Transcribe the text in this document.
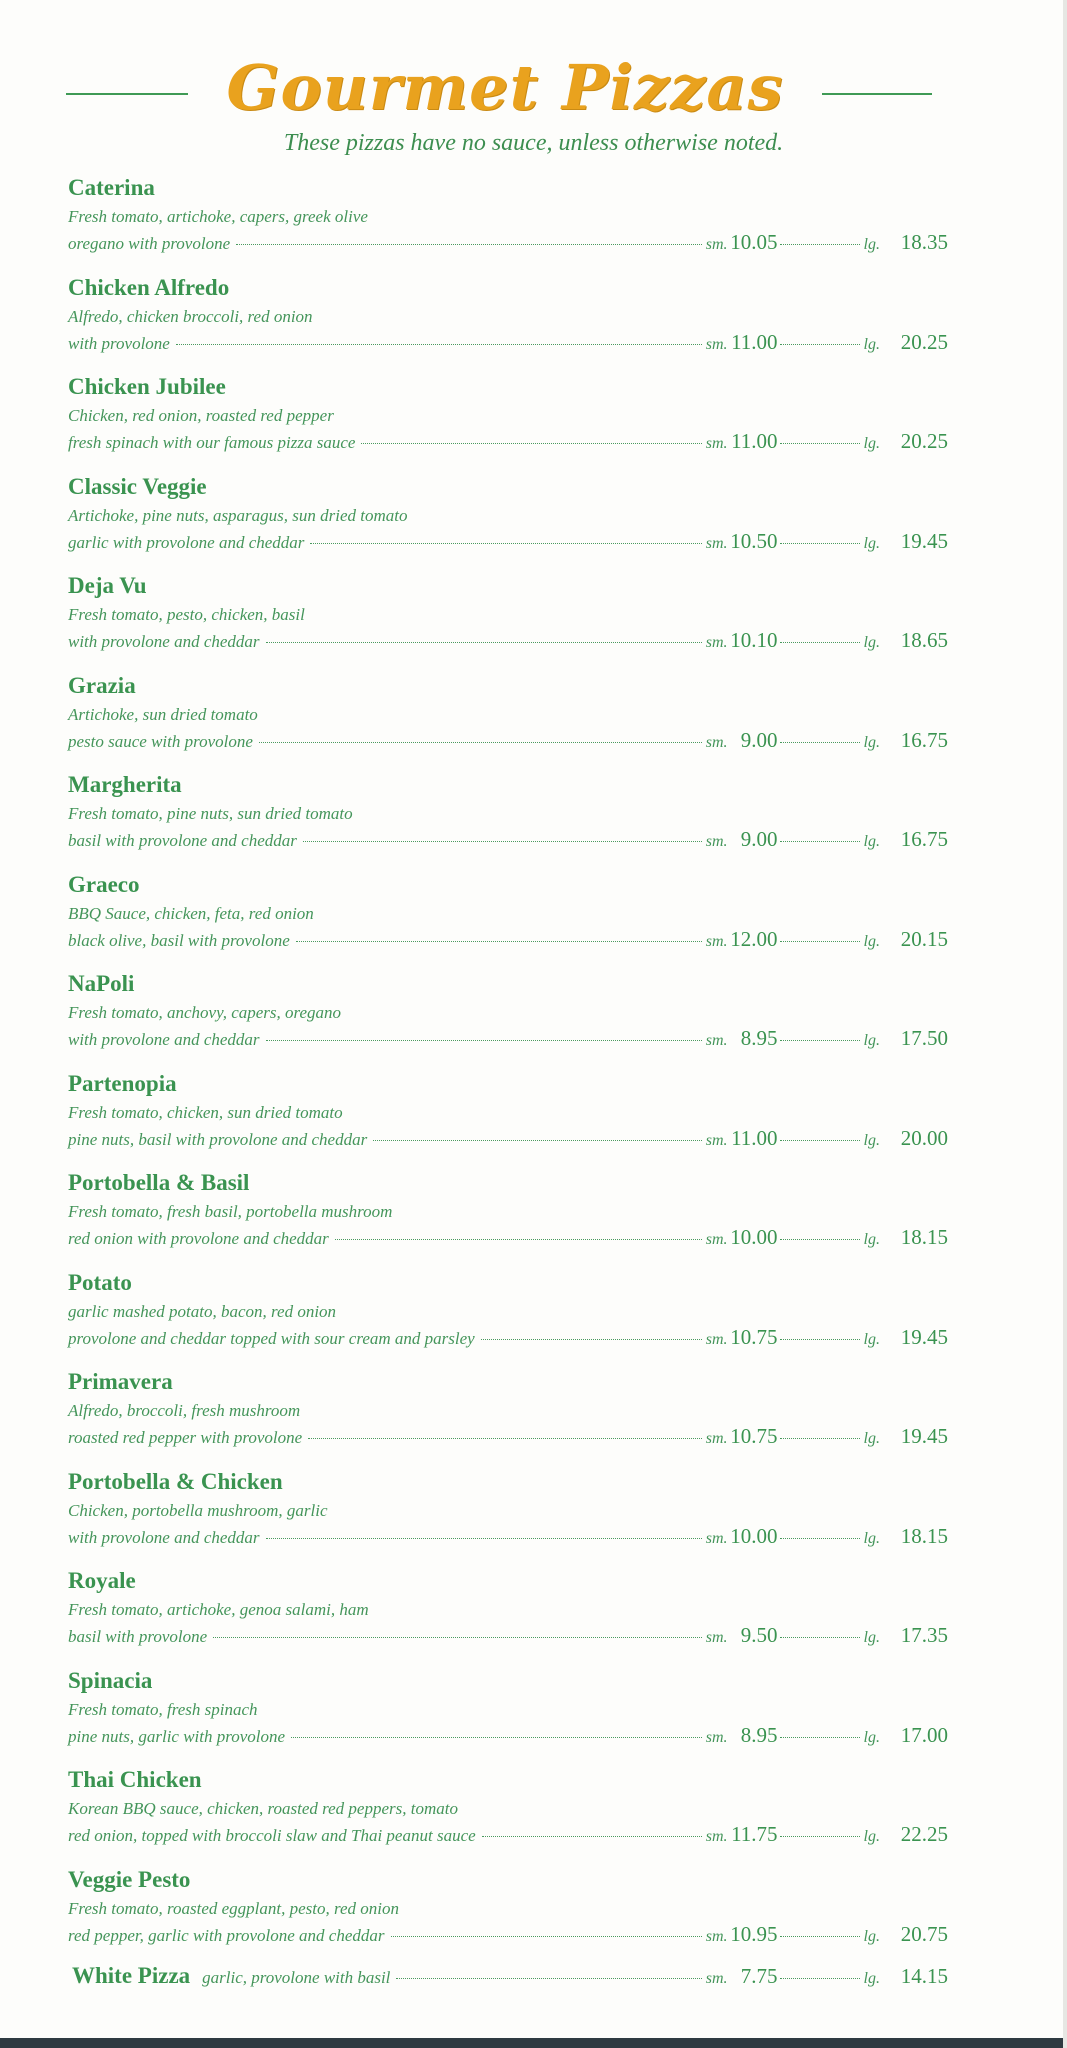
Gourmet Pizzas
These pizzas have no sauce, unless otherwise noted.
Caterina
Fresh tomato, artichoke, capers, greek olive
oregano with provolone	sm. 10.05	lg. 18.35
Chicken Alfredo
Alfredo, chicken broccoli, red onion
with provolone	sm. 11.00	lg. 20.25
Chicken Jubilee
Chicken, red onion, roasted red pepper
fresh spinach with our famous pizza sauce	sm. 11.00	lg. 20.25
Classic Veggie
Artichoke, pine nuts, asparagus, sun dried tomato
garlic with provolone and cheddar	sm. 10.50	lg. 19.45
Deja Vu
Fresh tomato, pesto, chicken, basil
with provolone and cheddar	sm. 10.10	lg. 18.65
Grazia
Artichoke, sun dried tomato
pesto sauce with provolone	sm. 9.00	lg. 16.75
Margherita
Fresh tomato, pine nuts, sun dried tomato
basil with provolone and cheddar	sm. 9.00	lg. 16.75
Graeco
BBQ Sauce, chicken, feta, red onion
black olive, basil with provolone	sm. 12.00	lg. 20.15
NaPoli
Fresh tomato, anchovy, capers, oregano
with provolone and cheddar	sm. 8.95	lg. 17.50
Partenopia
Fresh tomato, chicken, sun dried tomato
pine nuts, basil with provolone and cheddar	sm. 11.00	lg. 20.00
Portobella & Basil
Fresh tomato, fresh basil, portobella mushroom
red onion with provolone and cheddar	sm. 10.00	lg. 18.15
Potato
garlic mashed potato, bacon, red onion
provolone and cheddar topped with sour cream and parsley	sm. 10.75	lg. 19.45
Primavera
Alfredo, broccoli, fresh mushroom
roasted red pepper with provolone	sm. 10.75	lg. 19.45
Portobella & Chicken
Chicken, portobella mushroom, garlic
with provolone and cheddar	sm. 10.00	lg. 18.15
Royale
Fresh tomato, artichoke, genoa salami, ham
basil with provolone	sm. 9.50	lg. 17.35
Spinacia
Fresh tomato, fresh spinach
pine nuts, garlic with provolone	sm. 8.95	lg. 17.00
Thai Chicken
Korean BBQ sauce, chicken, roasted red peppers, tomato
red onion, topped with broccoli slaw and Thai peanut sauce	sm. 11.75	lg. 22.25
Veggie Pesto
Fresh tomato, roasted eggplant, pesto, red onion
red pepper, garlic with provolone and cheddar	sm. 10.95	lg. 20.75
White Pizza garlic, provolone with basil	sm. 7.75	lg. 14.15
